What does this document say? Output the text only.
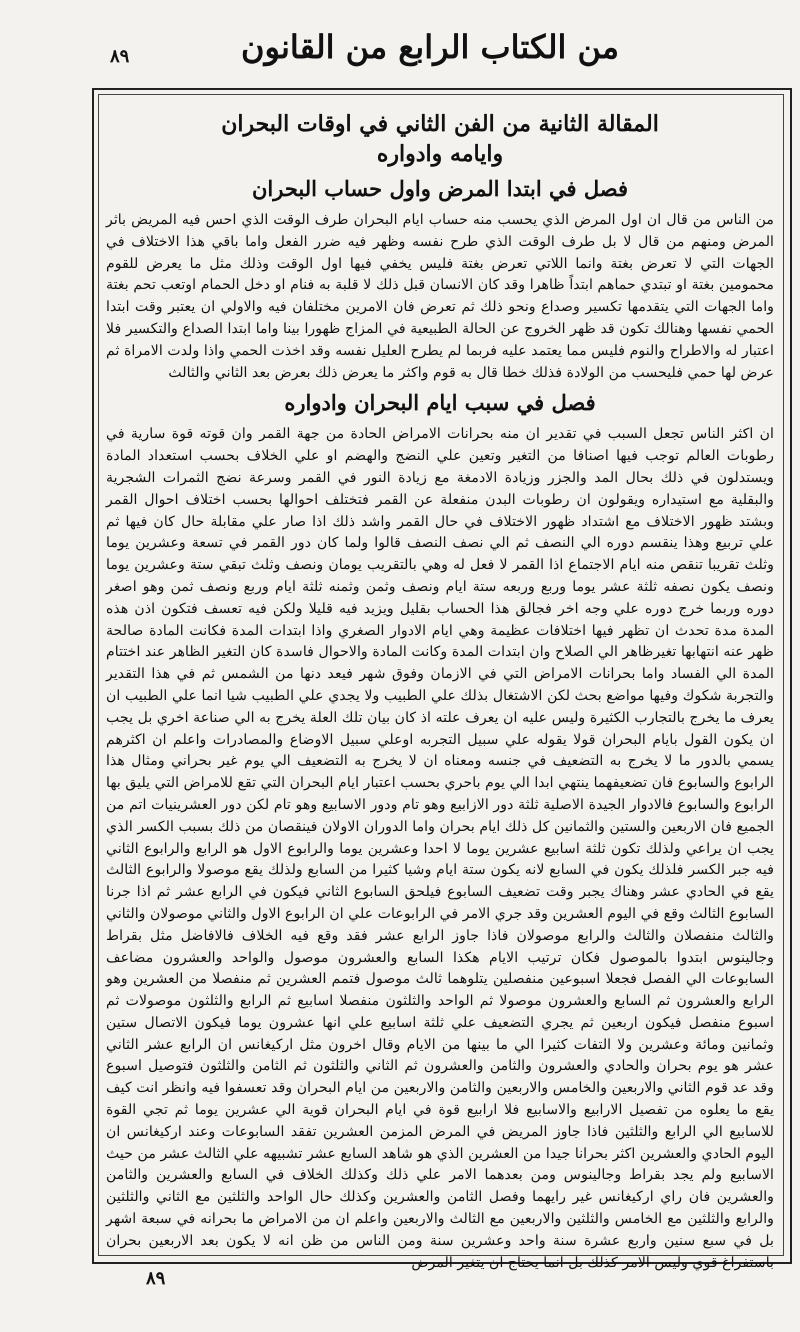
٨٩	من الكتاب الرابع من القانون
المقالة الثانية من الفن الثاني في اوقات البحران
وايامه وادواره
فصل في ابتدا المرض واول حساب البحران

من الناس من قال ان اول المرض الذي يحسب منه حساب ايام البحران طرف الوقت الذي احس فيه المريض باثر المرض ومنهم من قال لا بل طرف الوقت الذي طرح نفسه وظهر فيه ضرر الفعل واما باقي هذا الاختلاف في الجهات التي لا تعرض بغتة وانما اللاتي تعرض بغتة فليس يخفي فيها اول الوقت وذلك مثل ما يعرض للقوم محمومين بغتة او تبتدي حماهم ابتداً ظاهرا وقد كان الانسان قبل ذلك لا قلبة به فنام او دخل الحمام اوتعب تحم بغتة واما الجهات التي يتقدمها تكسير وصداع ونحو ذلك ثم تعرض فان الامرين مختلفان فيه والاولي ان يعتبر وقت ابتدا الحمي نفسها وهنالك تكون قد ظهر الخروج عن الحالة الطبيعية في المزاج ظهورا بينا واما ابتدا الصداع والتكسير فلا اعتبار له والاطراح والنوم فليس مما يعتمد عليه فربما لم يطرح العليل نفسه وقد اخذت الحمي واذا ولدت الامراة ثم عرض لها حمي فليحسب من الولادة فذلك خطا قال به قوم واكثر ما يعرض ذلك بعرض بعد الثاني والثالث

فصل في سبب ايام البحران وادواره

ان اكثر الناس تجعل السبب في تقدير ان منه بحرانات الامراض الحادة من جهة القمر وان قوته قوة سارية في رطوبات العالم توجب فيها اصنافا من التغير وتعين علي النضج والهضم او علي الخلاف بحسب استعداد المادة ويستدلون في ذلك بحال المد والجزر وزيادة الادمغة مع زيادة النور في القمر وسرعة نضج الثمرات الشجرية والبقلية مع استيداره ويقولون ان رطوبات البدن منفعلة عن القمر فتختلف احوالها بحسب اختلاف احوال القمر وبشتد ظهور الاختلاف مع اشتداد ظهور الاختلاف في حال القمر واشد ذلك اذا صار علي مقابلة حال كان فيها ثم علي تربيع وهذا ينقسم دوره الي النصف ثم الي نصف النصف قالوا ولما كان دور القمر في تسعة وعشرين يوما وثلث تقريبا تنقص منه ايام الاجتماع اذا القمر لا فعل له وهي بالتقريب يومان ونصف وثلث تبقي ستة وعشرين يوما ونصف يكون نصفه ثلثة عشر يوما وربع وربعه ستة ايام ونصف وثمن وثمنه ثلثة ايام وربع ونصف ثمن وهو اصغر دوره وربما خرج دوره علي وجه اخر فجالق هذا الحساب بقليل ويزيد فيه قليلا ولكن فيه تعسف فتكون اذن هذه المدة مدة تحدث ان تظهر فيها اختلافات عظيمة وهي ايام الادوار الصغري واذا ابتدات المدة فكانت المادة صالحة ظهر عنه انتهابها تغيرظاهر الي الصلاح وان ابتدات المدة وكانت المادة والاحوال فاسدة كان التغير الظاهر عند اختتام المدة الي الفساد واما بحرانات الامراض التي في الازمان وفوق شهر فيعد دنها من الشمس ثم في هذا التقدير والتجربة شكوك وفيها مواضع بحث لكن الاشتغال بذلك علي الطبيب ولا يجدي علي الطبيب شيا انما علي الطبيب ان يعرف ما يخرج بالتجارب الكثيرة وليس عليه ان يعرف علته اذ كان بيان تلك العلة يخرج به الي صناعة اخري بل يجب ان يكون القول بايام البحران قولا يقوله علي سبيل التجربه اوعلي سبيل الاوضاع والمصادرات واعلم ان اكثرهم يسمي بالدور ما لا يخرج به التضعيف في جنسه ومعناه ان لا يخرج به التضعيف الي يوم غير بحراني ومثال هذا الرابوع والسابوع فان تضعيفهما ينتهي ابدا الي يوم باحري بحسب اعتبار ايام البحران التي تقع للامراض التي يليق بها الرابوع والسابوع فالادوار الجيدة الاصلية ثلثة دور الازابيع وهو تام ودور الاسابيع وهو تام لكن دور العشرينيات اتم من الجميع فان الاربعين والستين والثمانين كل ذلك ايام بحران واما الدوران الاولان فينقصان من ذلك بسبب الكسر الذي يجب ان يراعي ولذلك تكون ثلثة اسابيع عشرين يوما لا احدا وعشرين يوما والرابوع الاول هو الرابع والرابوع الثاني فيه جبر الكسر فلذلك يكون في السابع لانه يكون ستة ايام وشيا كثيرا من السابع ولذلك يقع موصولا والرابوع الثالث يقع في الحادي عشر وهناك يجبر وقت تضعيف السابوع فيلحق السابوع الثاني فيكون في الرابع عشر ثم اذا جرنا السابوع الثالث وقع في اليوم العشرين وقد جري الامر في الرابوعات علي ان الرابوع الاول والثاني موصولان والثاني والثالث منفصلان والثالث والرابع موصولان فاذا جاوز الرابع عشر فقد وقع فيه الخلاف فالافاضل مثل بقراط وجالينوس ابتدوا بالموصول فكان ترتيب الايام هكذا السابع والعشرون موصول والواحد والعشرون مضاعف السابوعات الي الفصل فجعلا اسبوعين منفصلين يتلوهما ثالث موصول فتمم العشرين ثم منفصلا من العشرين وهو الرابع والعشرون ثم السابع والعشرون موصولا ثم الواحد والثلثون منفصلا اسابيع ثم الرابع والثلثون موصولات ثم اسبوع منفصل فيكون اربعين ثم يجري التضعيف علي ثلثة اسابيع علي انها عشرون يوما فيكون الاتصال ستين وثمانين ومائة وعشرين ولا التفات كثيرا الي ما بينها من الايام وقال اخرون مثل اركيغانس ان الرابع عشر الثاني عشر هو يوم بحران والحادي والعشرون والثامن والعشرون ثم الثاني والثلثون ثم الثامن والثلثون فتوصيل اسبوع وقد عد قوم الثاني والاربعين والخامس والاربعين والثامن والاربعين من ايام البحران وقد تعسفوا فيه وانظر انت كيف يقع ما يعلوه من تفصيل الارابيع والاسابيع فلا ارابيع قوة في ايام البحران قوية الي عشرين يوما ثم تجي القوة للاسابيع الي الرابع والثلثين فاذا جاوز المريض في المرض المزمن العشرين تفقد السابوعات وعند اركيغانس ان اليوم الحادي والعشرين اكثر بحرانا جيدا من العشرين الذي هو شاهد السابع عشر تشبيهه علي الثالث عشر من حيث الاسابيع ولم يجد بقراط وجالينوس ومن بعدهما الامر علي ذلك وكذلك الخلاف في السابع والعشرين والثامن والعشرين فان راي اركيغانس غير رايهما وفصل الثامن والعشرين وكذلك حال الواحد والثلثين مع الثاني والثلثين والرابع والثلثين مع الخامس والثلثين والاربعين مع الثالث والاربعين واعلم ان من الامراض ما بحرانه في سبعة اشهر بل في سبع سنين واربع عشرة سنة واحد وعشرين سنة ومن الناس من ظن انه لا يكون بعد الاربعين بحران باستفراغ قوي وليس الامر كذلك بل انما يحتاج ان يتغير المرض

٨٩
